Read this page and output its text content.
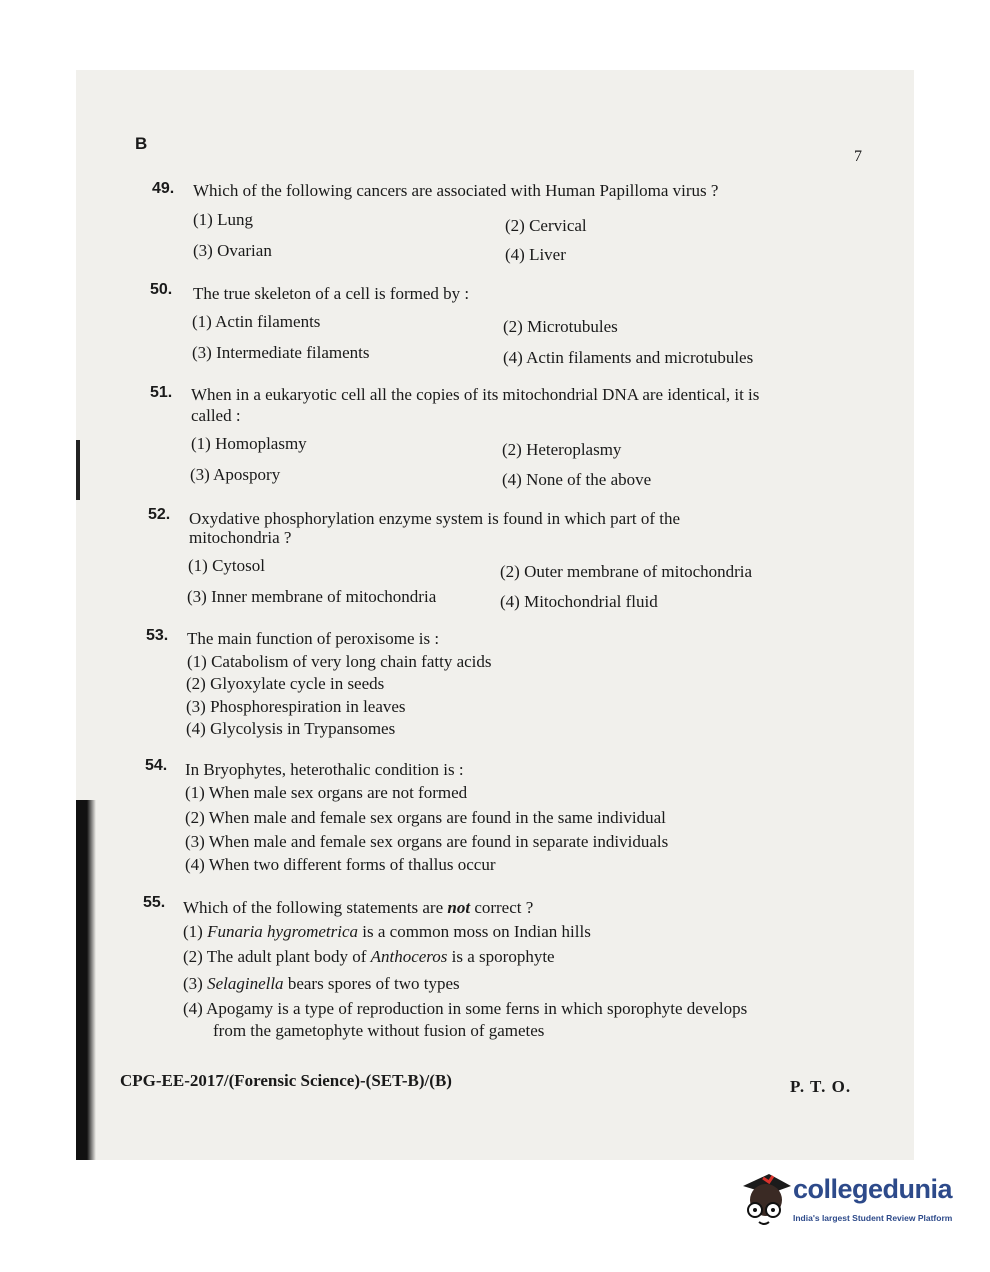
B
7
49. Which of the following cancers are associated with Human Papilloma virus ?
(1) Lung	(2) Cervical
(3) Ovarian	(4) Liver
50. The true skeleton of a cell is formed by :
(1) Actin filaments	(2) Microtubules
(3) Intermediate filaments	(4) Actin filaments and microtubules
51. When in a eukaryotic cell all the copies of its mitochondrial DNA are identical, it is
called :
(1) Homoplasmy	(2) Heteroplasmy
(3) Apospory	(4) None of the above
52. Oxydative phosphorylation enzyme system is found in which part of the
mitochondria ?
(1) Cytosol	(2) Outer membrane of mitochondria
(3) Inner membrane of mitochondria	(4) Mitochondrial fluid
53. The main function of peroxisome is :
(1) Catabolism of very long chain fatty acids
(2) Glyoxylate cycle in seeds
(3) Phosphorespiration in leaves
(4) Glycolysis in Trypansomes
54. In Bryophytes, heterothalic condition is :
(1) When male sex organs are not formed
(2) When male and female sex organs are found in the same individual
(3) When male and female sex organs are found in separate individuals
(4) When two different forms of thallus occur
55. Which of the following statements are not correct ?
(1) Funaria hygrometrica is a common moss on Indian hills
(2) The adult plant body of Anthoceros is a sporophyte
(3) Selaginella bears spores of two types
(4) Apogamy is a type of reproduction in some ferns in which sporophyte develops
from the gametophyte without fusion of gametes
CPG-EE-2017/(Forensic Science)-(SET-B)/(B)	P. T. O.
collegedunia
India's largest Student Review Platform
